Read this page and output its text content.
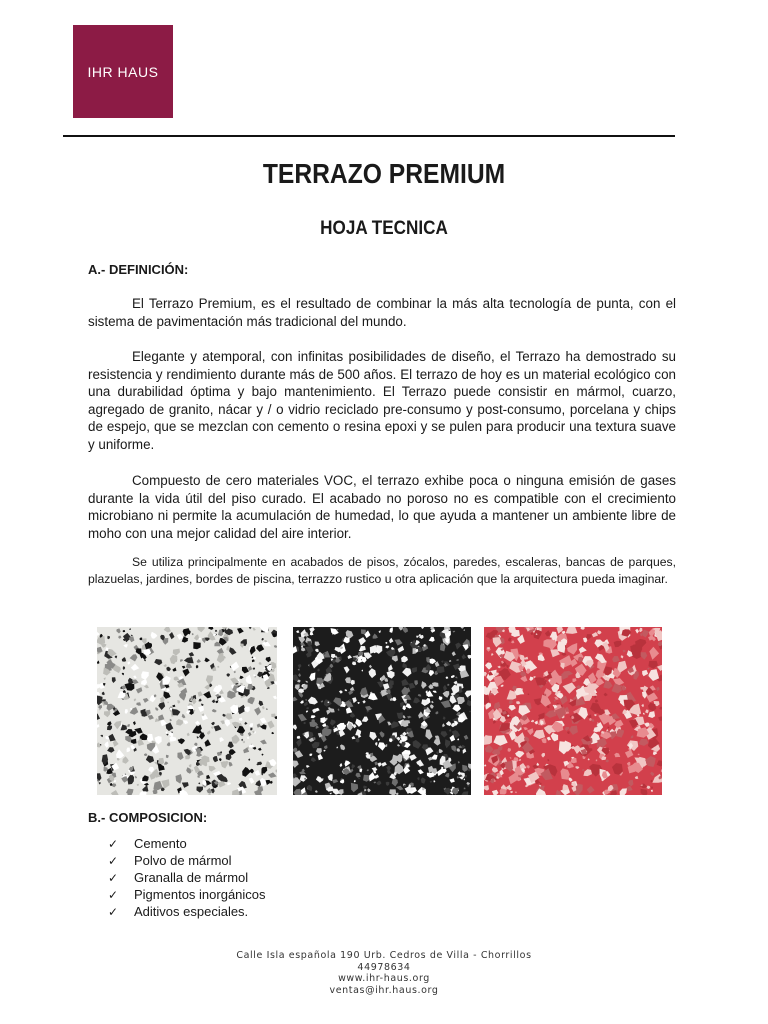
IHR HAUS
TERRAZO PREMIUM
HOJA TECNICA
A.- DEFINICIÓN:
El Terrazo Premium, es el resultado de combinar la más alta tecnología de punta, con el sistema de pavimentación más tradicional del mundo.
Elegante y atemporal, con infinitas posibilidades de diseño, el Terrazo ha demostrado su resistencia y rendimiento durante más de 500 años. El terrazo de hoy es un material ecológico con una durabilidad óptima y bajo mantenimiento. El Terrazo puede consistir en mármol, cuarzo, agregado de granito, nácar y / o vidrio reciclado pre-consumo y post-consumo, porcelana y chips de espejo, que se mezclan con cemento o resina epoxi y se pulen para producir una textura suave y uniforme.
Compuesto de cero materiales VOC, el terrazo exhibe poca o ninguna emisión de gases durante la vida útil del piso curado. El acabado no poroso no es compatible con el crecimiento microbiano ni permite la acumulación de humedad, lo que ayuda a mantener un ambiente libre de moho con una mejor calidad del aire interior.
Se utiliza principalmente en acabados de pisos, zócalos, paredes, escaleras, bancas de parques, plazuelas, jardines, bordes de piscina, terrazzo rustico u otra aplicación que la arquitectura pueda imaginar.
B.- COMPOSICION:
✓ Cemento
✓ Polvo de mármol
✓ Granalla de mármol
✓ Pigmentos inorgánicos
✓ Aditivos especiales.
Calle Isla española 190 Urb. Cedros de Villa - Chorrillos
44978634
www.ihr-haus.org
ventas@ihr.haus.org
